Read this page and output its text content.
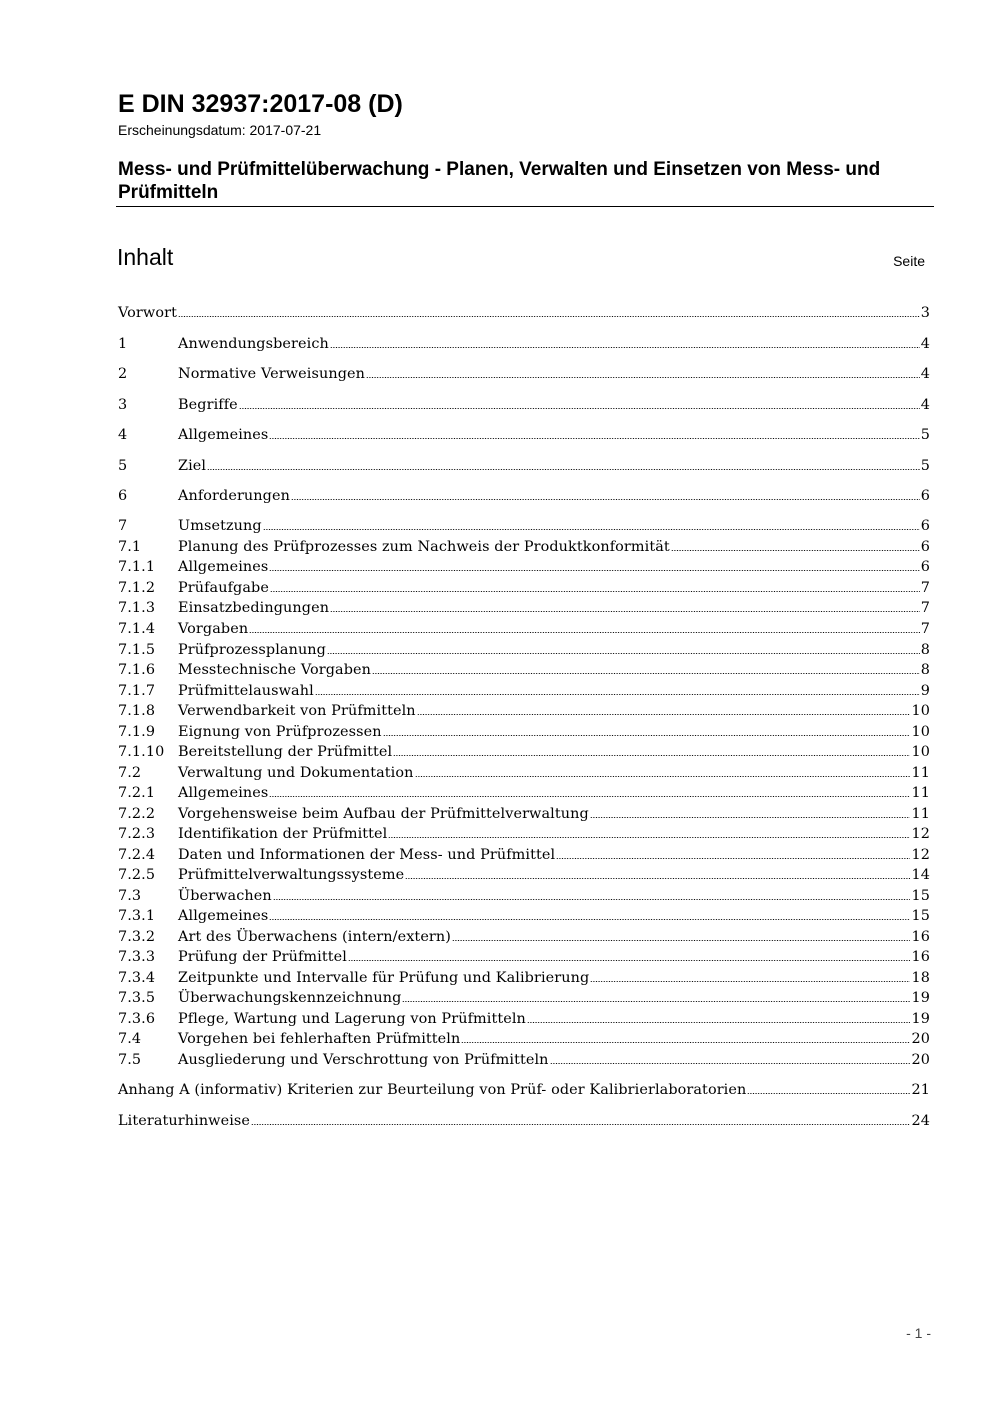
E DIN 32937:2017-08 (D)
Erscheinungsdatum: 2017-07-21
Mess- und Prüfmittelüberwachung - Planen, Verwalten und Einsetzen von Mess- und Prüfmitteln
Inhalt	Seite
Vorwort	3
1	Anwendungsbereich	4
2	Normative Verweisungen	4
3	Begriffe	4
4	Allgemeines	5
5	Ziel	5
6	Anforderungen	6
7	Umsetzung	6
7.1	Planung des Prüfprozesses zum Nachweis der Produktkonformität	6
7.1.1	Allgemeines	6
7.1.2	Prüfaufgabe	7
7.1.3	Einsatzbedingungen	7
7.1.4	Vorgaben	7
7.1.5	Prüfprozessplanung	8
7.1.6	Messtechnische Vorgaben	8
7.1.7	Prüfmittelauswahl	9
7.1.8	Verwendbarkeit von Prüfmitteln	10
7.1.9	Eignung von Prüfprozessen	10
7.1.10 Bereitstellung der Prüfmittel	10
7.2	Verwaltung und Dokumentation	11
7.2.1	Allgemeines	11
7.2.2	Vorgehensweise beim Aufbau der Prüfmittelverwaltung	11
7.2.3	Identifikation der Prüfmittel	12
7.2.4	Daten und Informationen der Mess- und Prüfmittel	12
7.2.5	Prüfmittelverwaltungssysteme	14
7.3	Überwachen	15
7.3.1	Allgemeines	15
7.3.2	Art des Überwachens (intern/extern)	16
7.3.3	Prüfung der Prüfmittel	16
7.3.4	Zeitpunkte und Intervalle für Prüfung und Kalibrierung	18
7.3.5	Überwachungskennzeichnung	19
7.3.6	Pflege, Wartung und Lagerung von Prüfmitteln	19
7.4	Vorgehen bei fehlerhaften Prüfmitteln	20
7.5	Ausgliederung und Verschrottung von Prüfmitteln	20
Anhang A (informativ) Kriterien zur Beurteilung von Prüf- oder Kalibrierlaboratorien	21
Literaturhinweise	24
- 1 -
